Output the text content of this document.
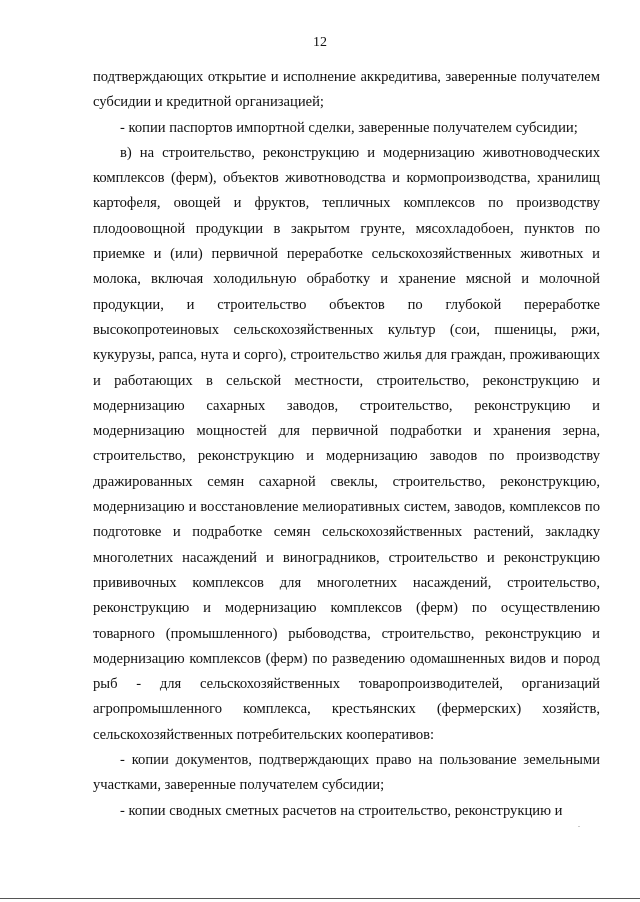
12

подтверждающих открытие и исполнение аккредитива, заверенные получателем субсидии и кредитной организацией;

- копии паспортов импортной сделки, заверенные получателем субсидии;

в) на строительство, реконструкцию и модернизацию животноводческих комплексов (ферм), объектов животноводства и кормопроизводства, хранилищ картофеля, овощей и фруктов, тепличных комплексов по производству плодоовощной продукции в закрытом грунте, мясохладобоен, пунктов по приемке и (или) первичной переработке сельскохозяйственных животных и молока, включая холодильную обработку и хранение мясной и молочной продукции, и строительство объектов по глубокой переработке высокопротеиновых сельскохозяйственных культур (сои, пшеницы, ржи, кукурузы, рапса, нута и сорго), строительство жилья для граждан, проживающих и работающих в сельской местности, строительство, реконструкцию и модернизацию сахарных заводов, строительство, реконструкцию и модернизацию мощностей для первичной подработки и хранения зерна, строительство, реконструкцию и модернизацию заводов по производству дражированных семян сахарной свеклы, строительство, реконструкцию, модернизацию и восстановление мелиоративных систем, заводов, комплексов по подготовке и подработке семян сельскохозяйственных растений, закладку многолетних насаждений и виноградников, строительство и реконструкцию прививочных комплексов для многолетних насаждений, строительство, реконструкцию и модернизацию комплексов (ферм) по осуществлению товарного (промышленного) рыбоводства, строительство, реконструкцию и модернизацию комплексов (ферм) по разведению одомашненных видов и пород рыб - для сельскохозяйственных товаропроизводителей, организаций агропромышленного комплекса, крестьянских (фермерских) хозяйств, сельскохозяйственных потребительских кооперативов:

- копии документов, подтверждающих право на пользование земельными участками, заверенные получателем субсидии;

- копии сводных сметных расчетов на строительство, реконструкцию и
